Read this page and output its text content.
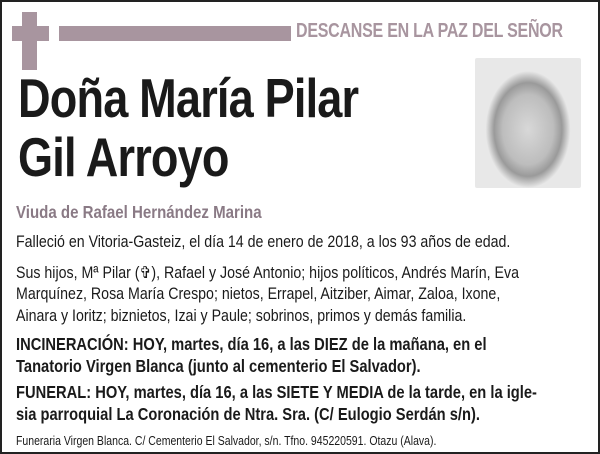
DESCANSE EN LA PAZ DEL SEÑOR
Doña María Pilar
Gil Arroyo
Viuda de Rafael Hernández Marina
Falleció en Vitoria-Gasteiz, el día 14 de enero de 2018, a los 93 años de edad.
Sus hijos, Mª Pilar (✞), Rafael y José Antonio; hijos políticos, Andrés Marín, Eva
Marquínez, Rosa María Crespo; nietos, Errapel, Aitziber, Aimar, Zaloa, Ixone,
Ainara y Ioritz; biznietos, Izai y Paule; sobrinos, primos y demás familia.
INCINERACIÓN: HOY, martes, día 16, a las DIEZ de la mañana, en el
Tanatorio Virgen Blanca (junto al cementerio El Salvador).
FUNERAL: HOY, martes, día 16, a las SIETE Y MEDIA de la tarde, en la igle-
sia parroquial La Coronación de Ntra. Sra. (C/ Eulogio Serdán s/n).
Funeraria Virgen Blanca. C/ Cementerio El Salvador, s/n. Tfno. 945220591. Otazu (Alava).
